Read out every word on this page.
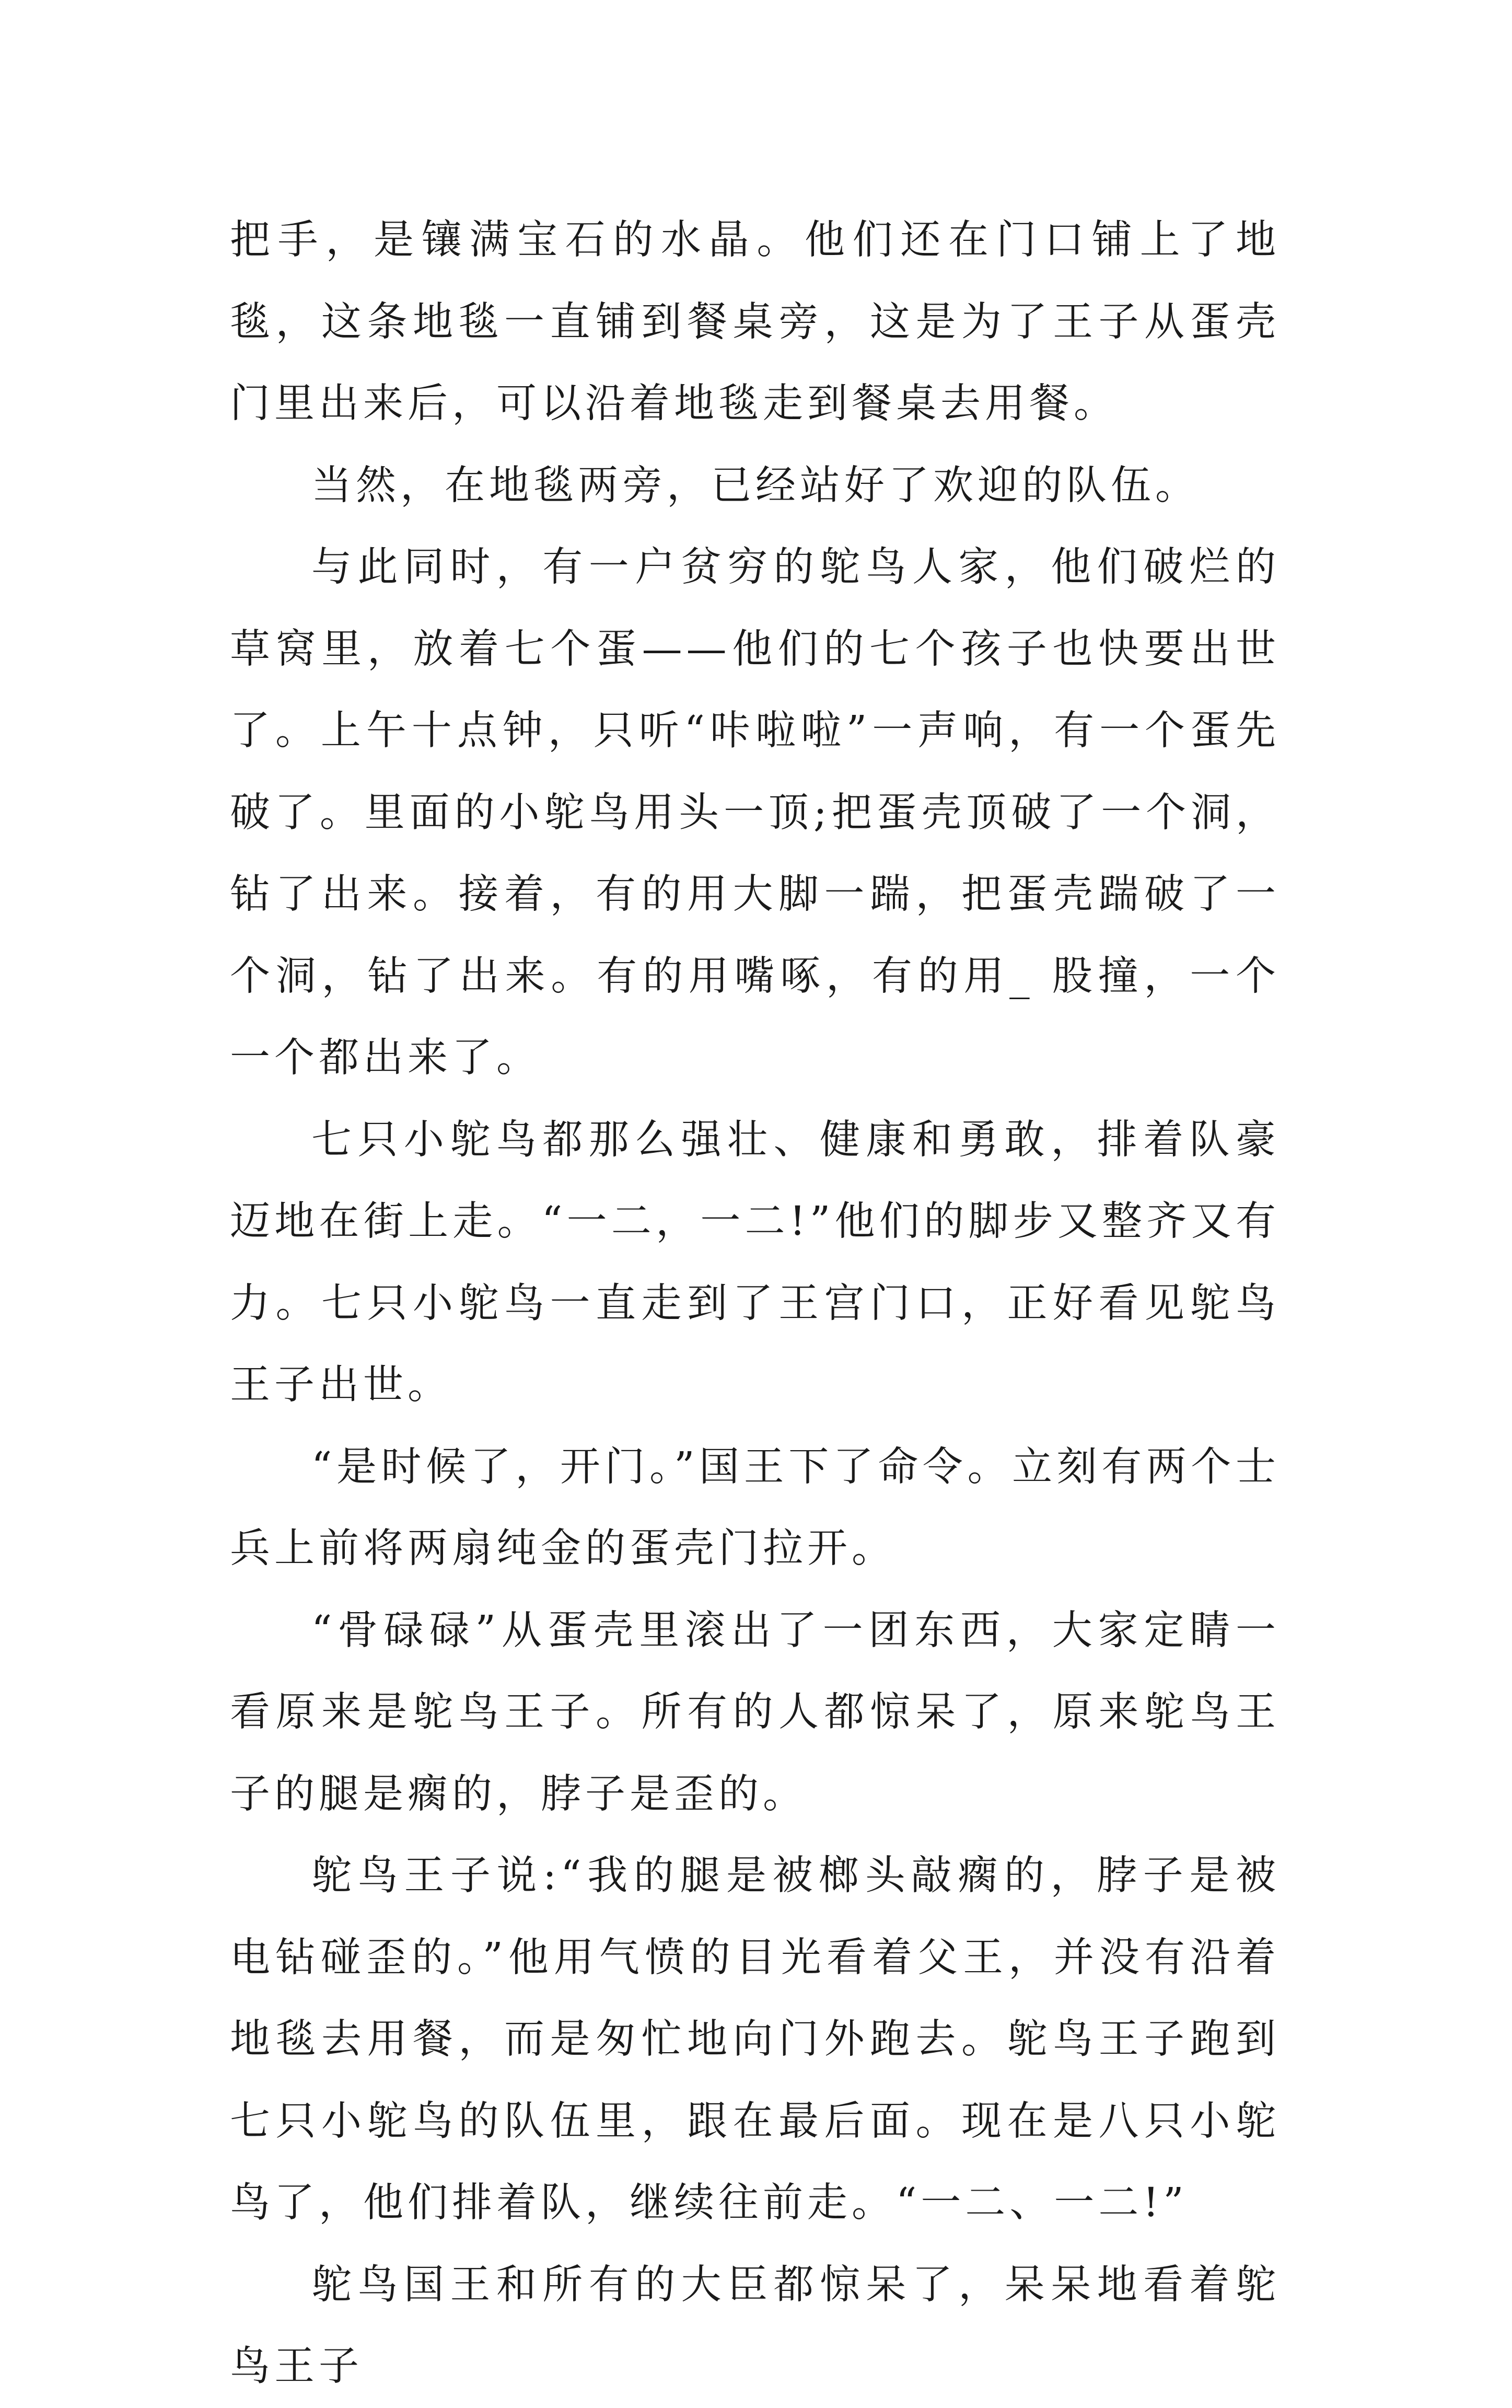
把手，是镶满宝石的水晶。他们还在门口铺上了地毯，这条地毯一直铺到餐桌旁，这是为了王子从蛋壳门里出来后，可以沿着地毯走到餐桌去用餐。

当然，在地毯两旁，已经站好了欢迎的队伍。

与此同时，有一户贫穷的鸵鸟人家，他们破烂的草窝里，放着七个蛋——他们的七个孩子也快要出世了。上午十点钟，只听“咔啦啦”一声响，有一个蛋先破了。里面的小鸵鸟用头一顶;把蛋壳顶破了一个洞，钻了出来。接着，有的用大脚一踹，把蛋壳踹破了一个洞，钻了出来。有的用嘴啄，有的用_ 股撞，一个一个都出来了。

七只小鸵鸟都那么强壮、健康和勇敢，排着队豪迈地在街上走。“一二，一二!”他们的脚步又整齐又有力。七只小鸵鸟一直走到了王宫门口，正好看见鸵鸟王子出世。

“是时候了，开门。”国王下了命令。立刻有两个士兵上前将两扇纯金的蛋壳门拉开。

“骨碌碌”从蛋壳里滚出了一团东西，大家定睛一看原来是鸵鸟王子。所有的人都惊呆了，原来鸵鸟王子的腿是瘸的，脖子是歪的。

鸵鸟王子说:“我的腿是被榔头敲瘸的，脖子是被电钻碰歪的。”他用气愤的目光看着父王，并没有沿着地毯去用餐，而是匆忙地向门外跑去。鸵鸟王子跑到七只小鸵鸟的队伍里，跟在最后面。现在是八只小鸵鸟了，他们排着队，继续往前走。“一二、一二!”

鸵鸟国王和所有的大臣都惊呆了，呆呆地看着鸵鸟王子
